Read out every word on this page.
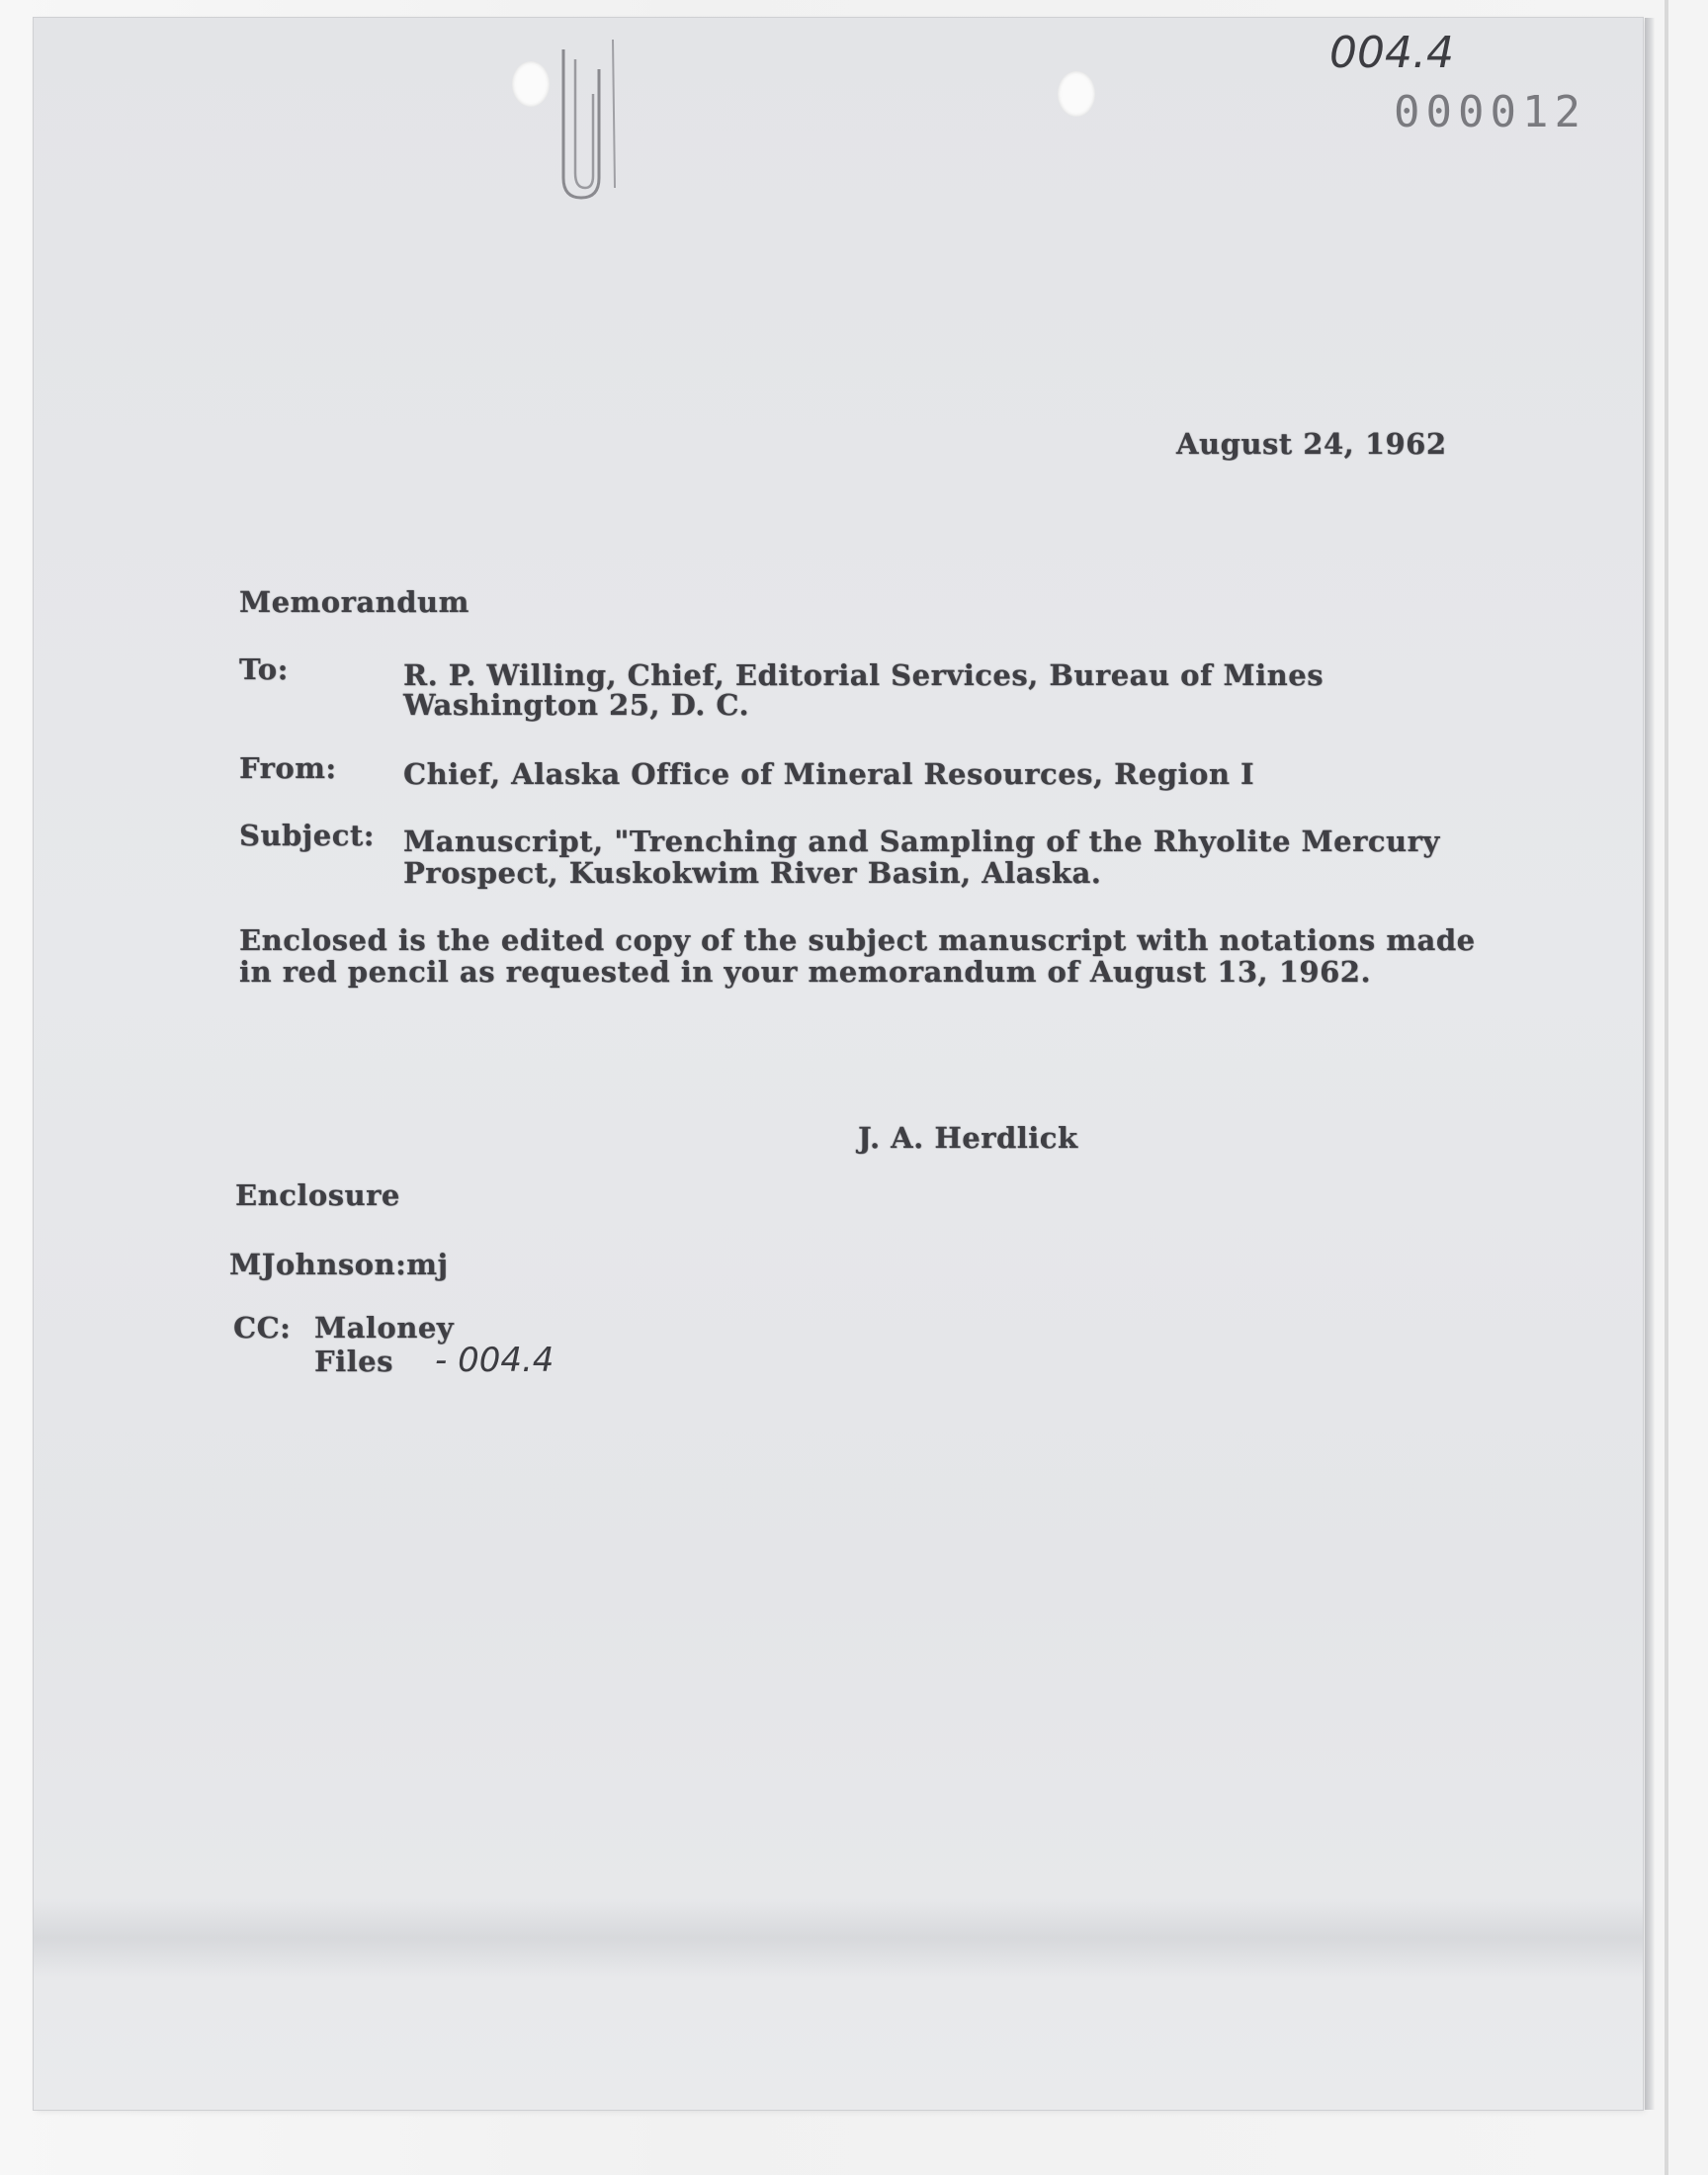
004.4
000012
August 24, 1962
Memorandum
To:	R. P. Willing, Chief, Editorial Services, Bureau of Mines
Washington 25, D. C.
From: Chief, Alaska Office of Mineral Resources, Region I
Subject: Manuscript, "Trenching and Sampling of the Rhyolite Mercury
Prospect, Kuskokwim River Basin, Alaska.
Enclosed is the edited copy of the subject manuscript with notations made
in red pencil as requested in your memorandum of August 13, 1962.
J. A. Herdlick
Enclosure
MJohnson:mj
CC: Maloney
Files - 004.4
